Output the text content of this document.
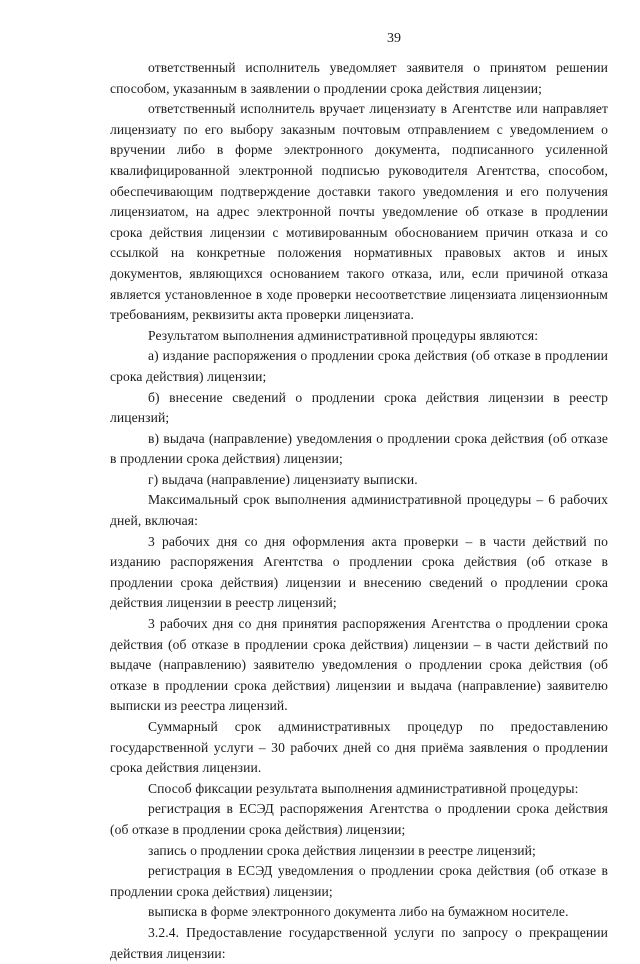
39

ответственный исполнитель уведомляет заявителя о принятом решении способом, указанным в заявлении о продлении срока действия лицензии;

ответственный исполнитель вручает лицензиату в Агентстве или направляет лицензиату по его выбору заказным почтовым отправлением с уведомлением о вручении либо в форме электронного документа, подписанного усиленной квалифицированной электронной подписью руководителя Агентства, способом, обеспечивающим подтверждение доставки такого уведомления и его получения лицензиатом, на адрес электронной почты уведомление об отказе в продлении срока действия лицензии с мотивированным обоснованием причин отказа и со ссылкой на конкретные положения нормативных правовых актов и иных документов, являющихся основанием такого отказа, или, если причиной отказа является установленное в ходе проверки несоответствие лицензиата лицензионным требованиям, реквизиты акта проверки лицензиата.

Результатом выполнения административной процедуры являются:

а) издание распоряжения о продлении срока действия (об отказе в продлении срока действия) лицензии;

б) внесение сведений о продлении срока действия лицензии в реестр лицензий;

в) выдача (направление) уведомления о продлении срока действия (об отказе в продлении срока действия) лицензии;

г) выдача (направление) лицензиату выписки.

Максимальный срок выполнения административной процедуры – 6 рабочих дней, включая:

3 рабочих дня со дня оформления акта проверки – в части действий по изданию распоряжения Агентства о продлении срока действия (об отказе в продлении срока действия) лицензии и внесению сведений о продлении срока действия лицензии в реестр лицензий;

3 рабочих дня со дня принятия распоряжения Агентства о продлении срока действия (об отказе в продлении срока действия) лицензии – в части действий по выдаче (направлению) заявителю уведомления о продлении срока действия (об отказе в продлении срока действия) лицензии и выдача (направление) заявителю выписки из реестра лицензий.

Суммарный срок административных процедур по предоставлению государственной услуги – 30 рабочих дней со дня приёма заявления о продлении срока действия лицензии.

Способ фиксации результата выполнения административной процедуры:

регистрация в ЕСЭД распоряжения Агентства о продлении срока действия (об отказе в продлении срока действия) лицензии;

запись о продлении срока действия лицензии в реестре лицензий;

регистрация в ЕСЭД уведомления о продлении срока действия (об отказе в продлении срока действия) лицензии;

выписка в форме электронного документа либо на бумажном носителе.

3.2.4. Предоставление государственной услуги по запросу о прекращении действия лицензии:
